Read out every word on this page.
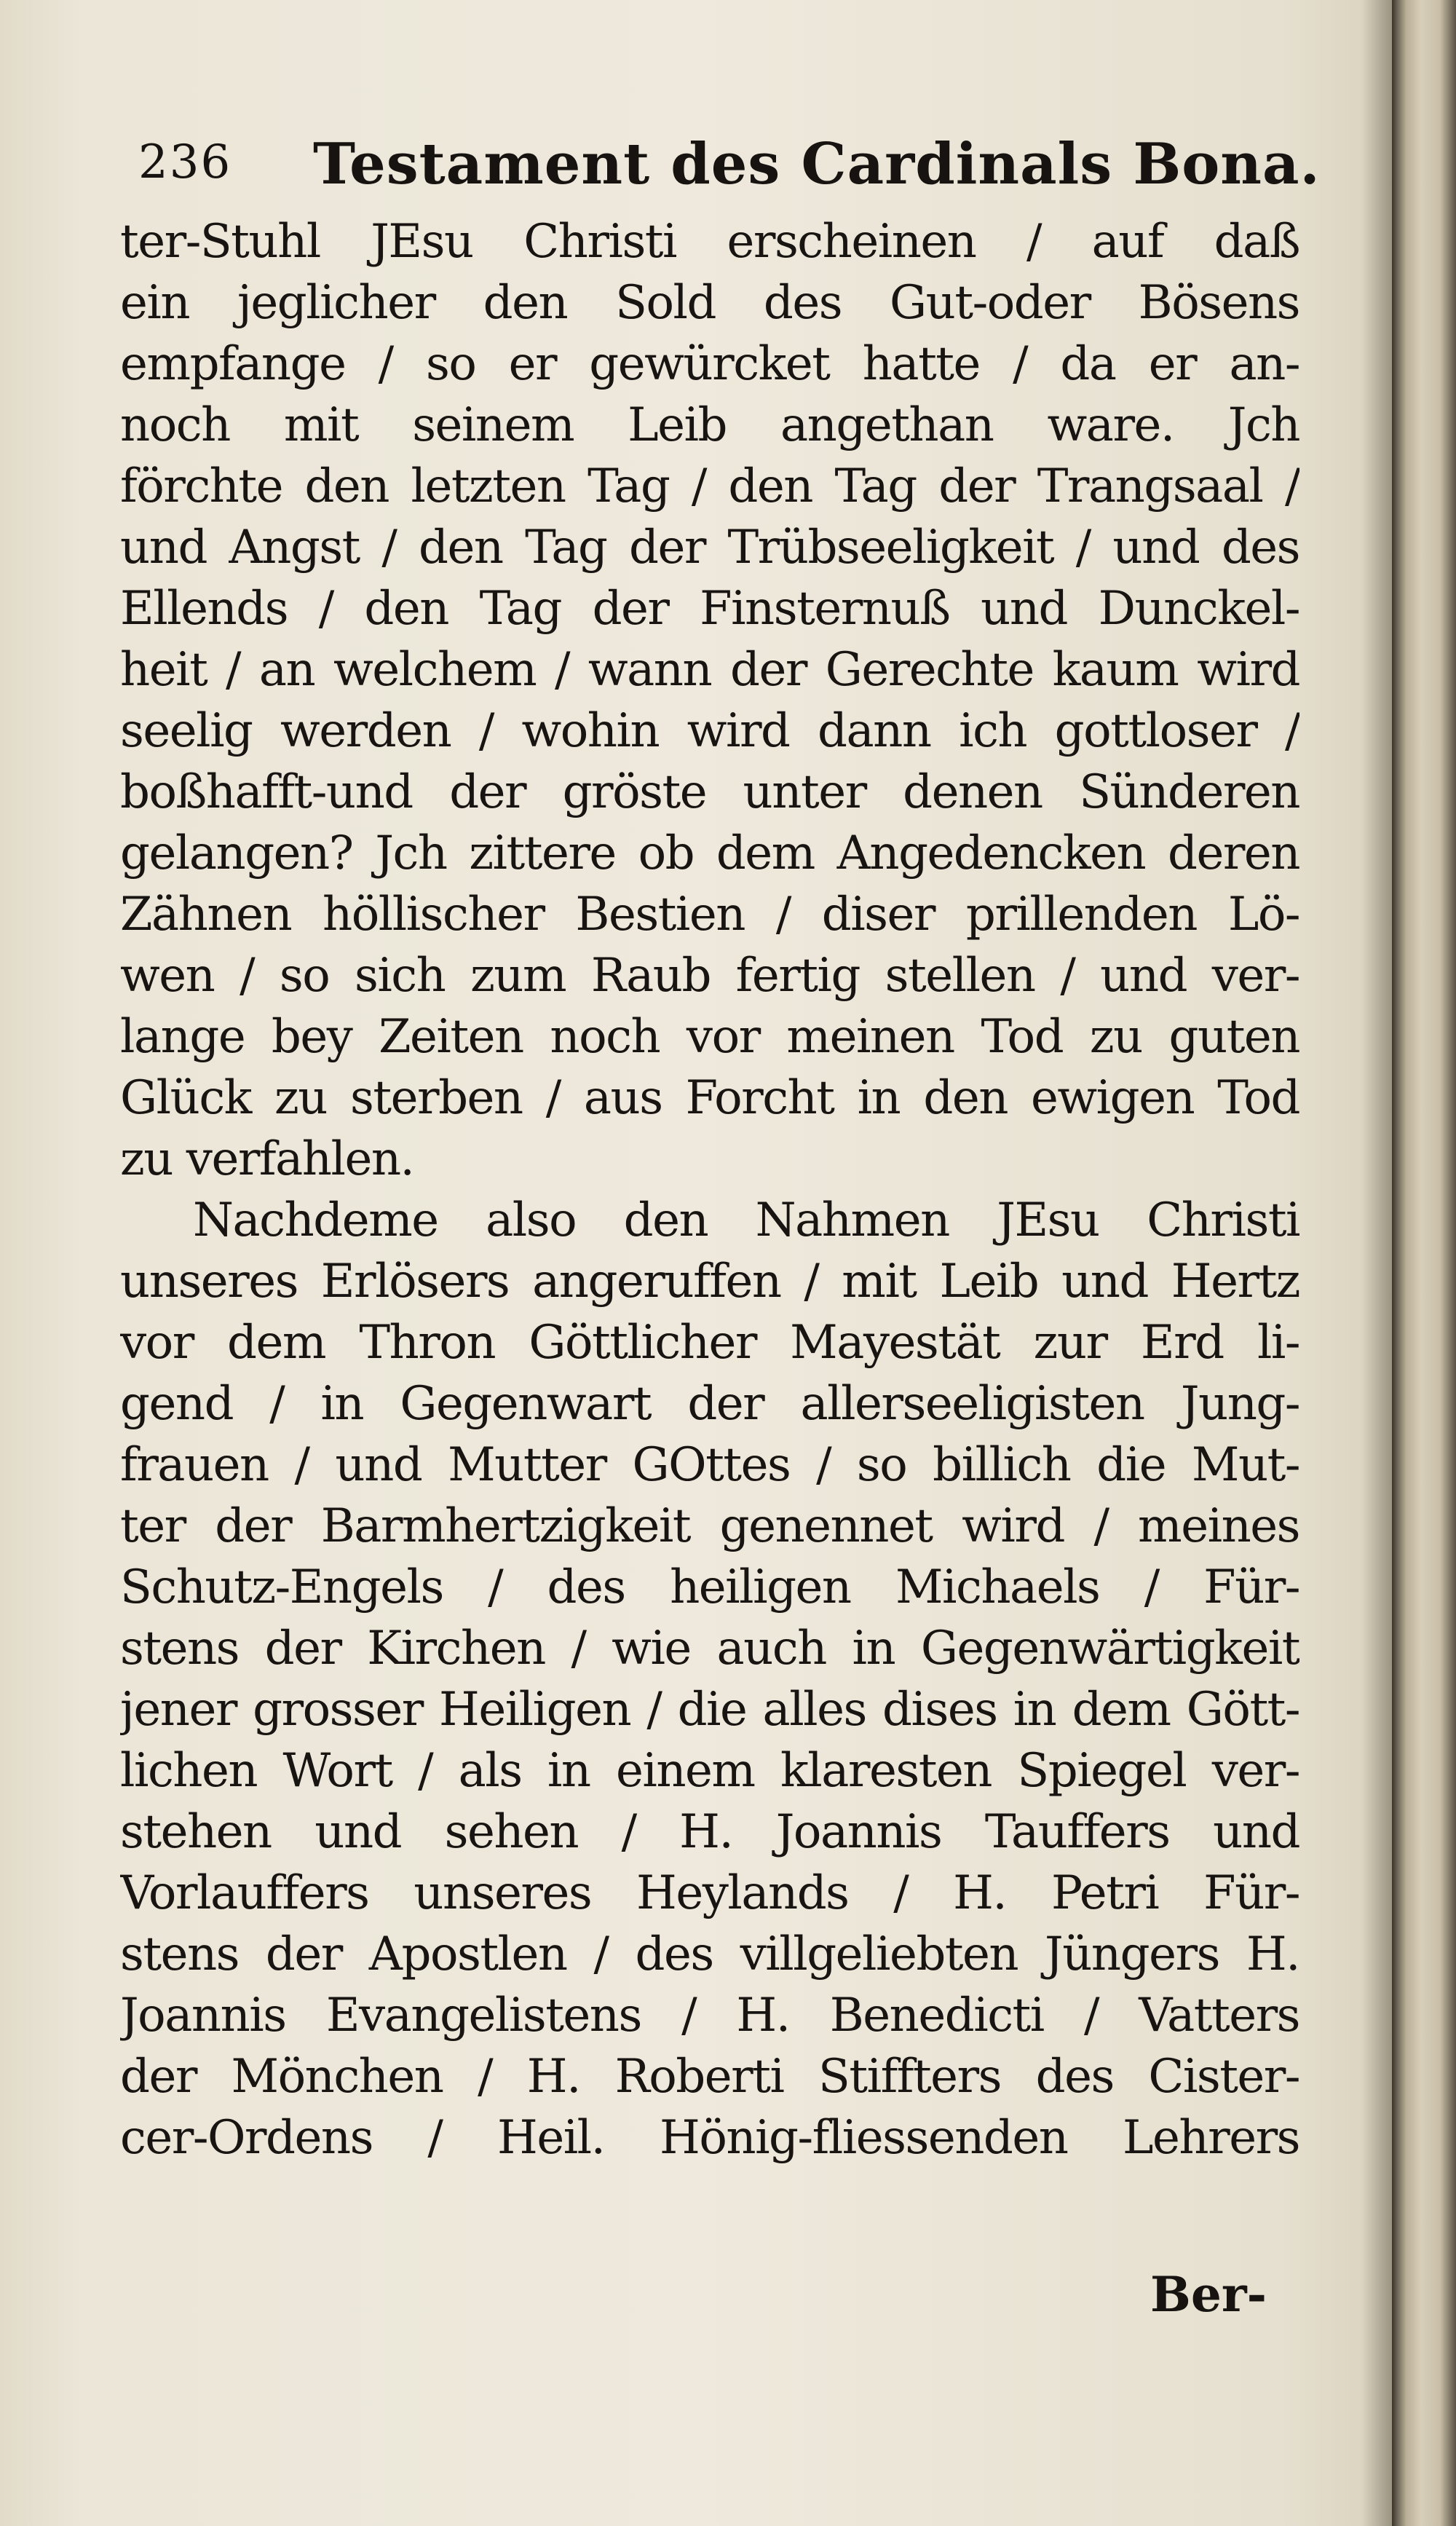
236 Testament des Cardinals Bona.
ter-Stuhl JEsu Christi erscheinen / auf daß
ein jeglicher den Sold des Gut-oder Bösens
empfange / so er gewürcket hatte / da er an-
noch mit seinem Leib angethan ware. Jch
förchte den letzten Tag / den Tag der Trangsaal /
und Angst / den Tag der Trübseeligkeit / und des
Ellends / den Tag der Finsternuß und Dunckel-
heit / an welchem / wann der Gerechte kaum wird
seelig werden / wohin wird dann ich gottloser /
boßhafft-und der gröste unter denen Sünderen
gelangen? Jch zittere ob dem Angedencken deren
Zähnen höllischer Bestien / diser prillenden Lö-
wen / so sich zum Raub fertig stellen / und ver-
lange bey Zeiten noch vor meinen Tod zu guten
Glück zu sterben / aus Forcht in den ewigen Tod
zu verfahlen.
Nachdeme also den Nahmen JEsu Christi
unseres Erlösers angeruffen / mit Leib und Hertz
vor dem Thron Göttlicher Mayestät zur Erd li-
gend / in Gegenwart der allerseeligisten Jung-
frauen / und Mutter GOttes / so billich die Mut-
ter der Barmhertzigkeit genennet wird / meines
Schutz-Engels / des heiligen Michaels / Für-
stens der Kirchen / wie auch in Gegenwärtigkeit
jener grosser Heiligen / die alles dises in dem Gött-
lichen Wort / als in einem klaresten Spiegel ver-
stehen und sehen / H. Joannis Tauffers und
Vorlauffers unseres Heylands / H. Petri Für-
stens der Apostlen / des villgeliebten Jüngers H.
Joannis Evangelistens / H. Benedicti / Vatters
der Mönchen / H. Roberti Stiffters des Cister-
cer-Ordens / Heil. Hönig-fliessenden Lehrers
Ber-
